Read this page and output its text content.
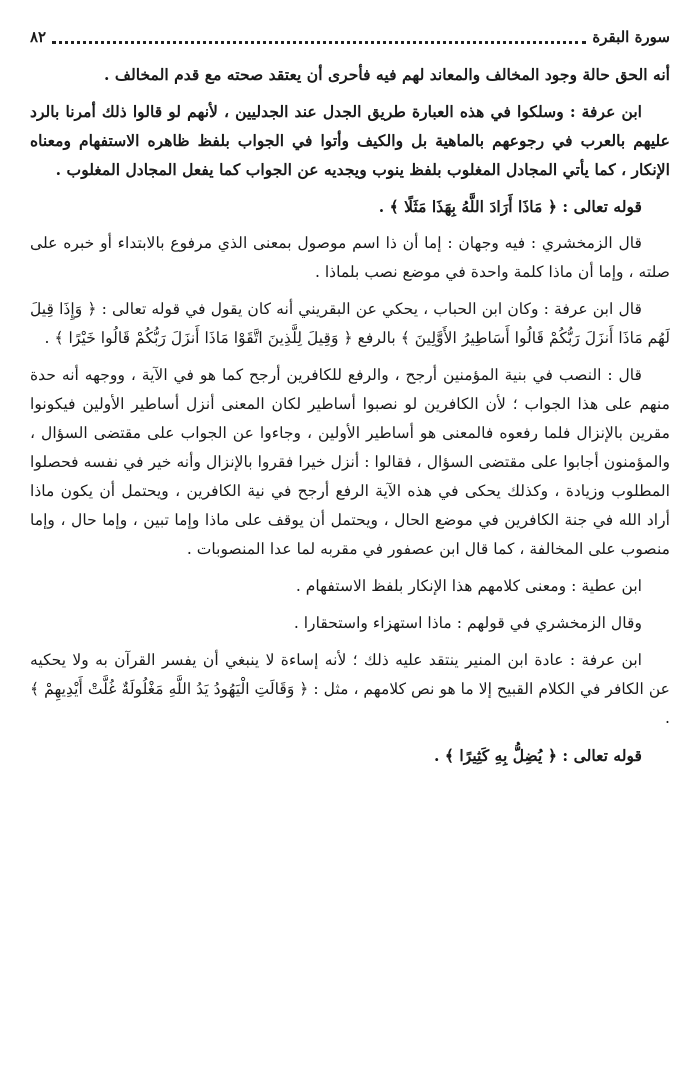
سورة البقرة
٨٢

أنه الحق حالة وجود المخالف والمعاند لهم فيه فأحرى أن يعتقد صحته مع قدم المخالف .

ابن عرفة : وسلكوا في هذه العبارة طريق الجدل عند الجدليين ، لأنهم لو قالوا ذلك أمرنا بالرد عليهم بالعرب في رجوعهم بالماهية بل والكيف وأتوا في الجواب بلفظ ظاهره الاستفهام ومعناه الإنكار ، كما يأتي المجادل المغلوب بلفظ ينوب ويجديه عن الجواب كما يفعل المجادل المغلوب .

قوله تعالى : ﴿ مَاذَا أَرَادَ اللَّهُ بِهَذَا مَثَلًا ﴾ .

قال الزمخشري : فيه وجهان : إما أن ذا اسم موصول بمعنى الذي مرفوع بالابتداء أو خبره على صلته ، وإما أن ماذا كلمة واحدة في موضع نصب بلماذا .

قال ابن عرفة : وكان ابن الحباب ، يحكي عن البقريني أنه كان يقول في قوله تعالى : ﴿ وَإِذَا قِيلَ لَهُم مَاذَا أَنزَلَ رَبُّكُمْ قَالُوا أَسَاطِيرُ الأَوَّلِينَ ﴾ بالرفع ﴿ وَقِيلَ لِلَّذِينَ اتَّقَوْا مَاذَا أَنزَلَ رَبُّكُمْ قَالُوا خَيْرًا ﴾ .

قال : النصب في بنية المؤمنين أرجح ، والرفع للكافرين أرجح كما هو في الآية ، ووجهه أنه حدة منهم على هذا الجواب ؛ لأن الكافرين لو نصبوا أساطير لكان المعنى أنزل أساطير الأولين فيكونوا مقرين بالإنزال فلما رفعوه فالمعنى هو أساطير الأولين ، وجاءوا عن الجواب على مقتضى السؤال ، والمؤمنون أجابوا على مقتضى السؤال ، فقالوا : أنزل خيرا فقروا بالإنزال وأنه خير في نفسه فحصلوا المطلوب وزيادة ، وكذلك يحكى في هذه الآية الرفع أرجح في نية الكافرين ، ويحتمل أن يكون ماذا أراد الله في جنة الكافرين في موضع الحال ، ويحتمل أن يوقف على ماذا وإما تبين ، وإما حال ، وإما منصوب على المخالفة ، كما قال ابن عصفور في مقربه لما عدا المنصوبات .

ابن عطية : ومعنى كلامهم هذا الإنكار بلفظ الاستفهام .

وقال الزمخشري في قولهم : ماذا استهزاء واستحقارا .

ابن عرفة : عادة ابن المنير ينتقد عليه ذلك ؛ لأنه إساءة لا ينبغي أن يفسر القرآن به ولا يحكيه عن الكافر في الكلام القبيح إلا ما هو نص كلامهم ، مثل : ﴿ وَقَالَتِ الْيَهُودُ يَدُ اللَّهِ مَغْلُولَةٌ غُلَّتْ أَيْدِيهِمْ ﴾ .

قوله تعالى : ﴿ يُضِلُّ بِهِ كَثِيرًا ﴾ .
